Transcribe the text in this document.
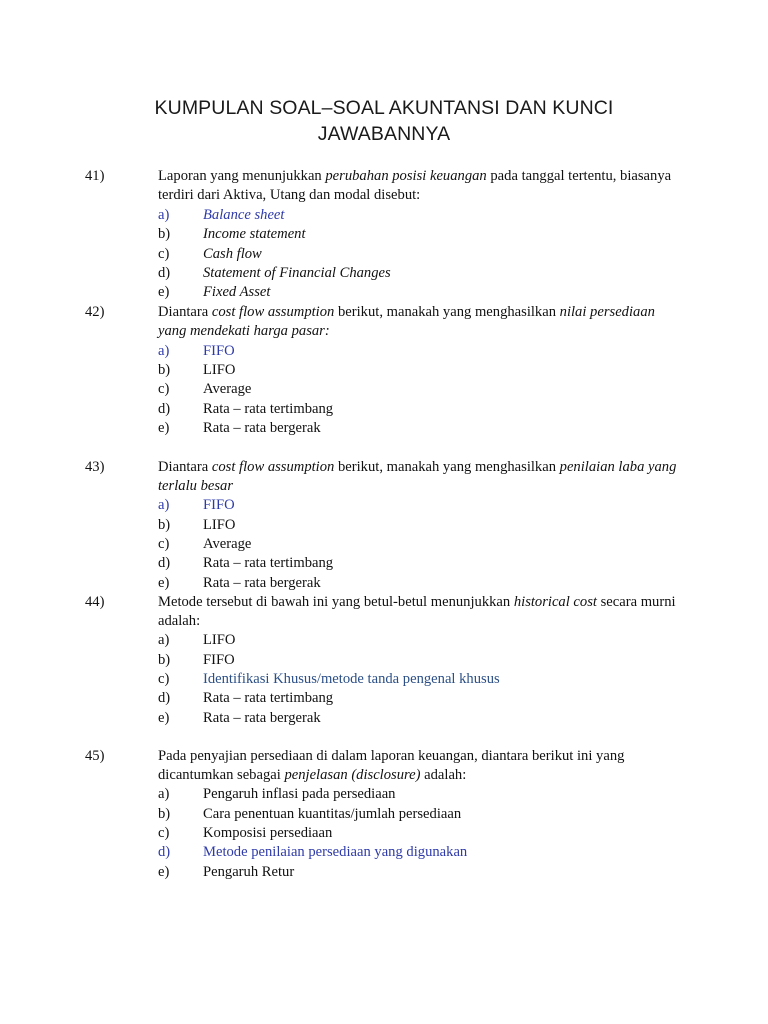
KUMPULAN SOAL–SOAL AKUNTANSI DAN KUNCI
JAWABANNYA
41)	Laporan yang menunjukkan perubahan posisi keuangan pada tanggal tertentu, biasanya
terdiri dari Aktiva, Utang dan modal disebut:
a) Balance sheet
b) Income statement
c) Cash flow
d) Statement of Financial Changes
e) Fixed Asset
42)	Diantara cost flow assumption berikut, manakah yang menghasilkan nilai persediaan
yang mendekati harga pasar:
a) FIFO
b) LIFO
c) Average
d) Rata – rata tertimbang
e) Rata – rata bergerak
43)	Diantara cost flow assumption berikut, manakah yang menghasilkan penilaian laba yang
terlalu besar
a) FIFO
b) LIFO
c) Average
d) Rata – rata tertimbang
e) Rata – rata bergerak
44)	Metode tersebut di bawah ini yang betul-betul menunjukkan historical cost secara murni
adalah:
a) LIFO
b) FIFO
c) Identifikasi Khusus/metode tanda pengenal khusus
d) Rata – rata tertimbang
e) Rata – rata bergerak
45)	Pada penyajian persediaan di dalam laporan keuangan, diantara berikut ini yang
dicantumkan sebagai penjelasan (disclosure) adalah:
a) Pengaruh inflasi pada persediaan
b) Cara penentuan kuantitas/jumlah persediaan
c) Komposisi persediaan
d) Metode penilaian persediaan yang digunakan
e) Pengaruh Retur
